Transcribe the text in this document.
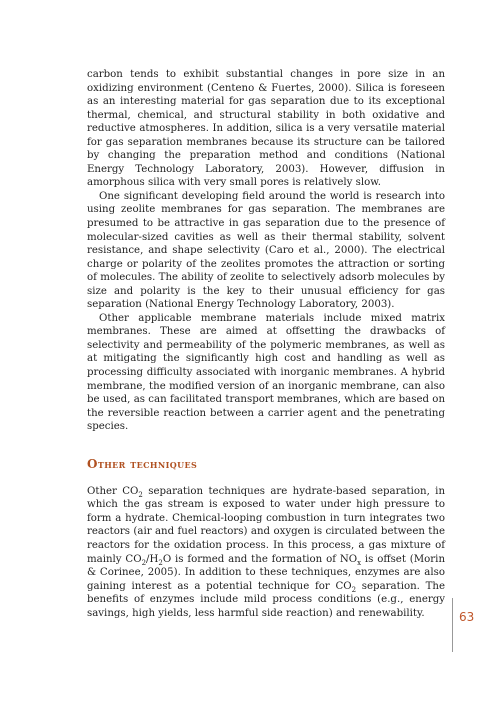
carbon tends to exhibit substantial changes in pore size in an oxidizing environment (Centeno & Fuertes, 2000). Silica is foreseen as an interesting material for gas separation due to its exceptional thermal, chemical, and structural stability in both oxidative and reductive atmospheres. In addition, silica is a very versatile material for gas separation membranes because its structure can be tailored by changing the preparation method and conditions (National Energy Technology Laboratory, 2003). However, diffusion in amorphous silica with very small pores is relatively slow.

One significant developing field around the world is research into using zeolite membranes for gas separation. The membranes are presumed to be attractive in gas separation due to the presence of molecular-sized cavities as well as their thermal stability, solvent resistance, and shape selectivity (Caro et al., 2000). The electrical charge or polarity of the zeolites promotes the attraction or sorting of molecules. The ability of zeolite to selectively adsorb molecules by size and polarity is the key to their unusual efficiency for gas separation (National Energy Technology Laboratory, 2003).

Other applicable membrane materials include mixed matrix membranes. These are aimed at offsetting the drawbacks of selectivity and permeability of the polymeric membranes, as well as at mitigating the significantly high cost and handling as well as processing difficulty associated with inorganic membranes. A hybrid membrane, the modified version of an inorganic membrane, can also be used, as can facilitated transport membranes, which are based on the reversible reaction between a carrier agent and the penetrating species.

Other techniques

Other $CO_2$ separation techniques are hydrate-based separation, in which the gas stream is exposed to water under high pressure to form a hydrate. Chemical-looping combustion in turn integrates two reactors (air and fuel reactors) and oxygen is circulated between the reactors for the oxidation process. In this process, a gas mixture of mainly $CO_2/H_2O$ is formed and the formation of $NO_x$ is offset (Morin & Corinee, 2005). In addition to these techniques, enzymes are also gaining interest as a potential technique for $CO_2$ separation. The benefits of enzymes include mild process conditions (e.g., energy savings, high yields, less harmful side reaction) and renewability.	63
